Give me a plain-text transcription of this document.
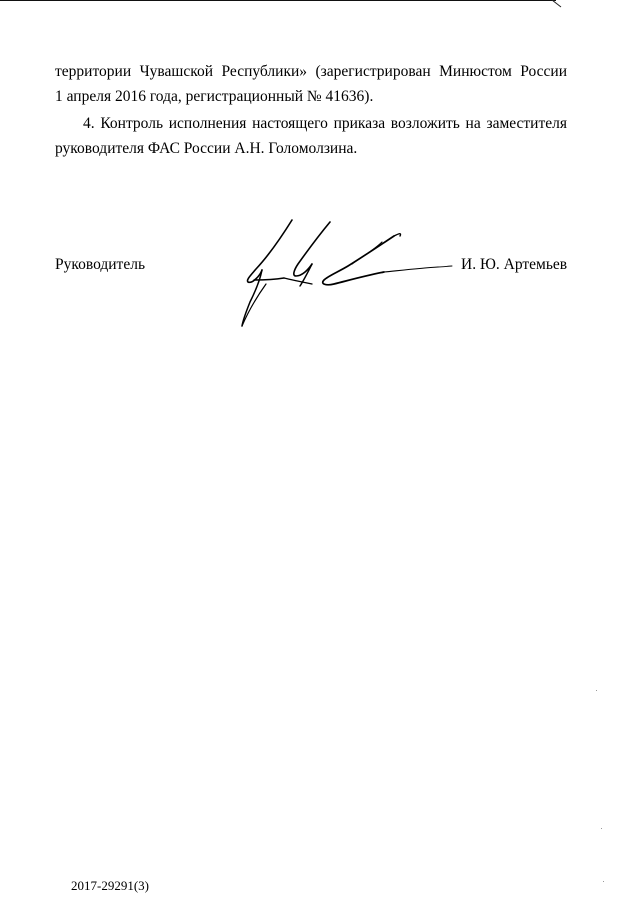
территории Чувашской Республики» (зарегистрирован Минюстом России
1 апреля 2016 года, регистрационный № 41636).
4. Контроль исполнения настоящего приказа возложить на заместителя
руководителя ФАС России А.Н. Голомолзина.
Руководитель	И. Ю. Артемьев
2017-29291(3)
